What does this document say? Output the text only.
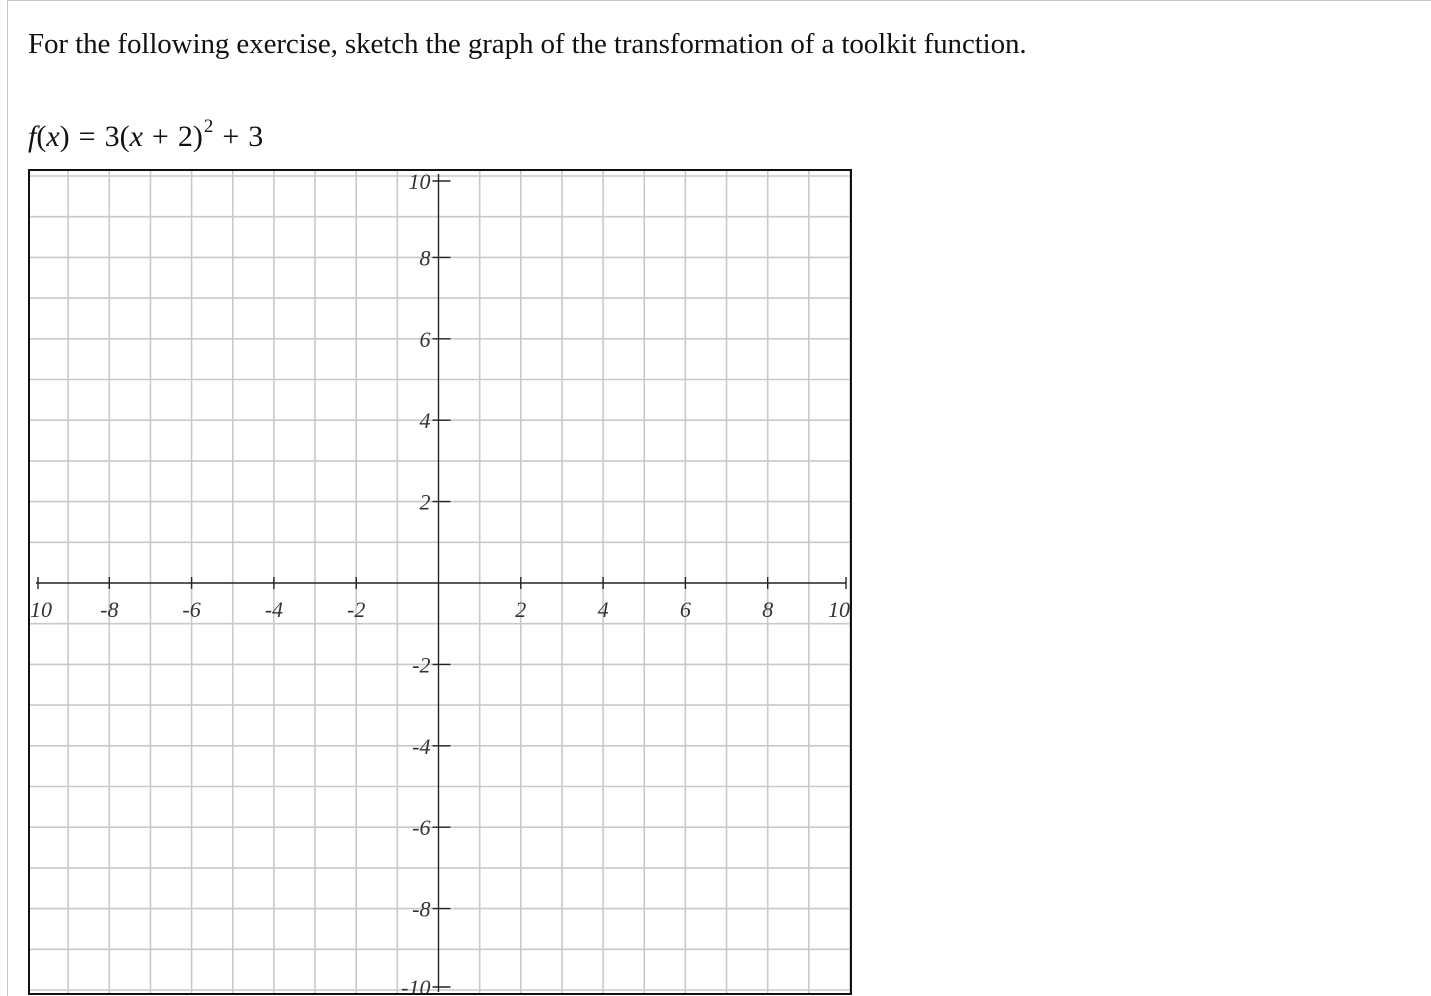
For the following exercise, sketch the graph of the transformation of a toolkit function.
$f(x) = 3(x + 2)^2 + 3$
10 -8	-6	-4	-2	2	4	6	8 10
10
8
6
4
2
-2
-4
-6
-8
-10
